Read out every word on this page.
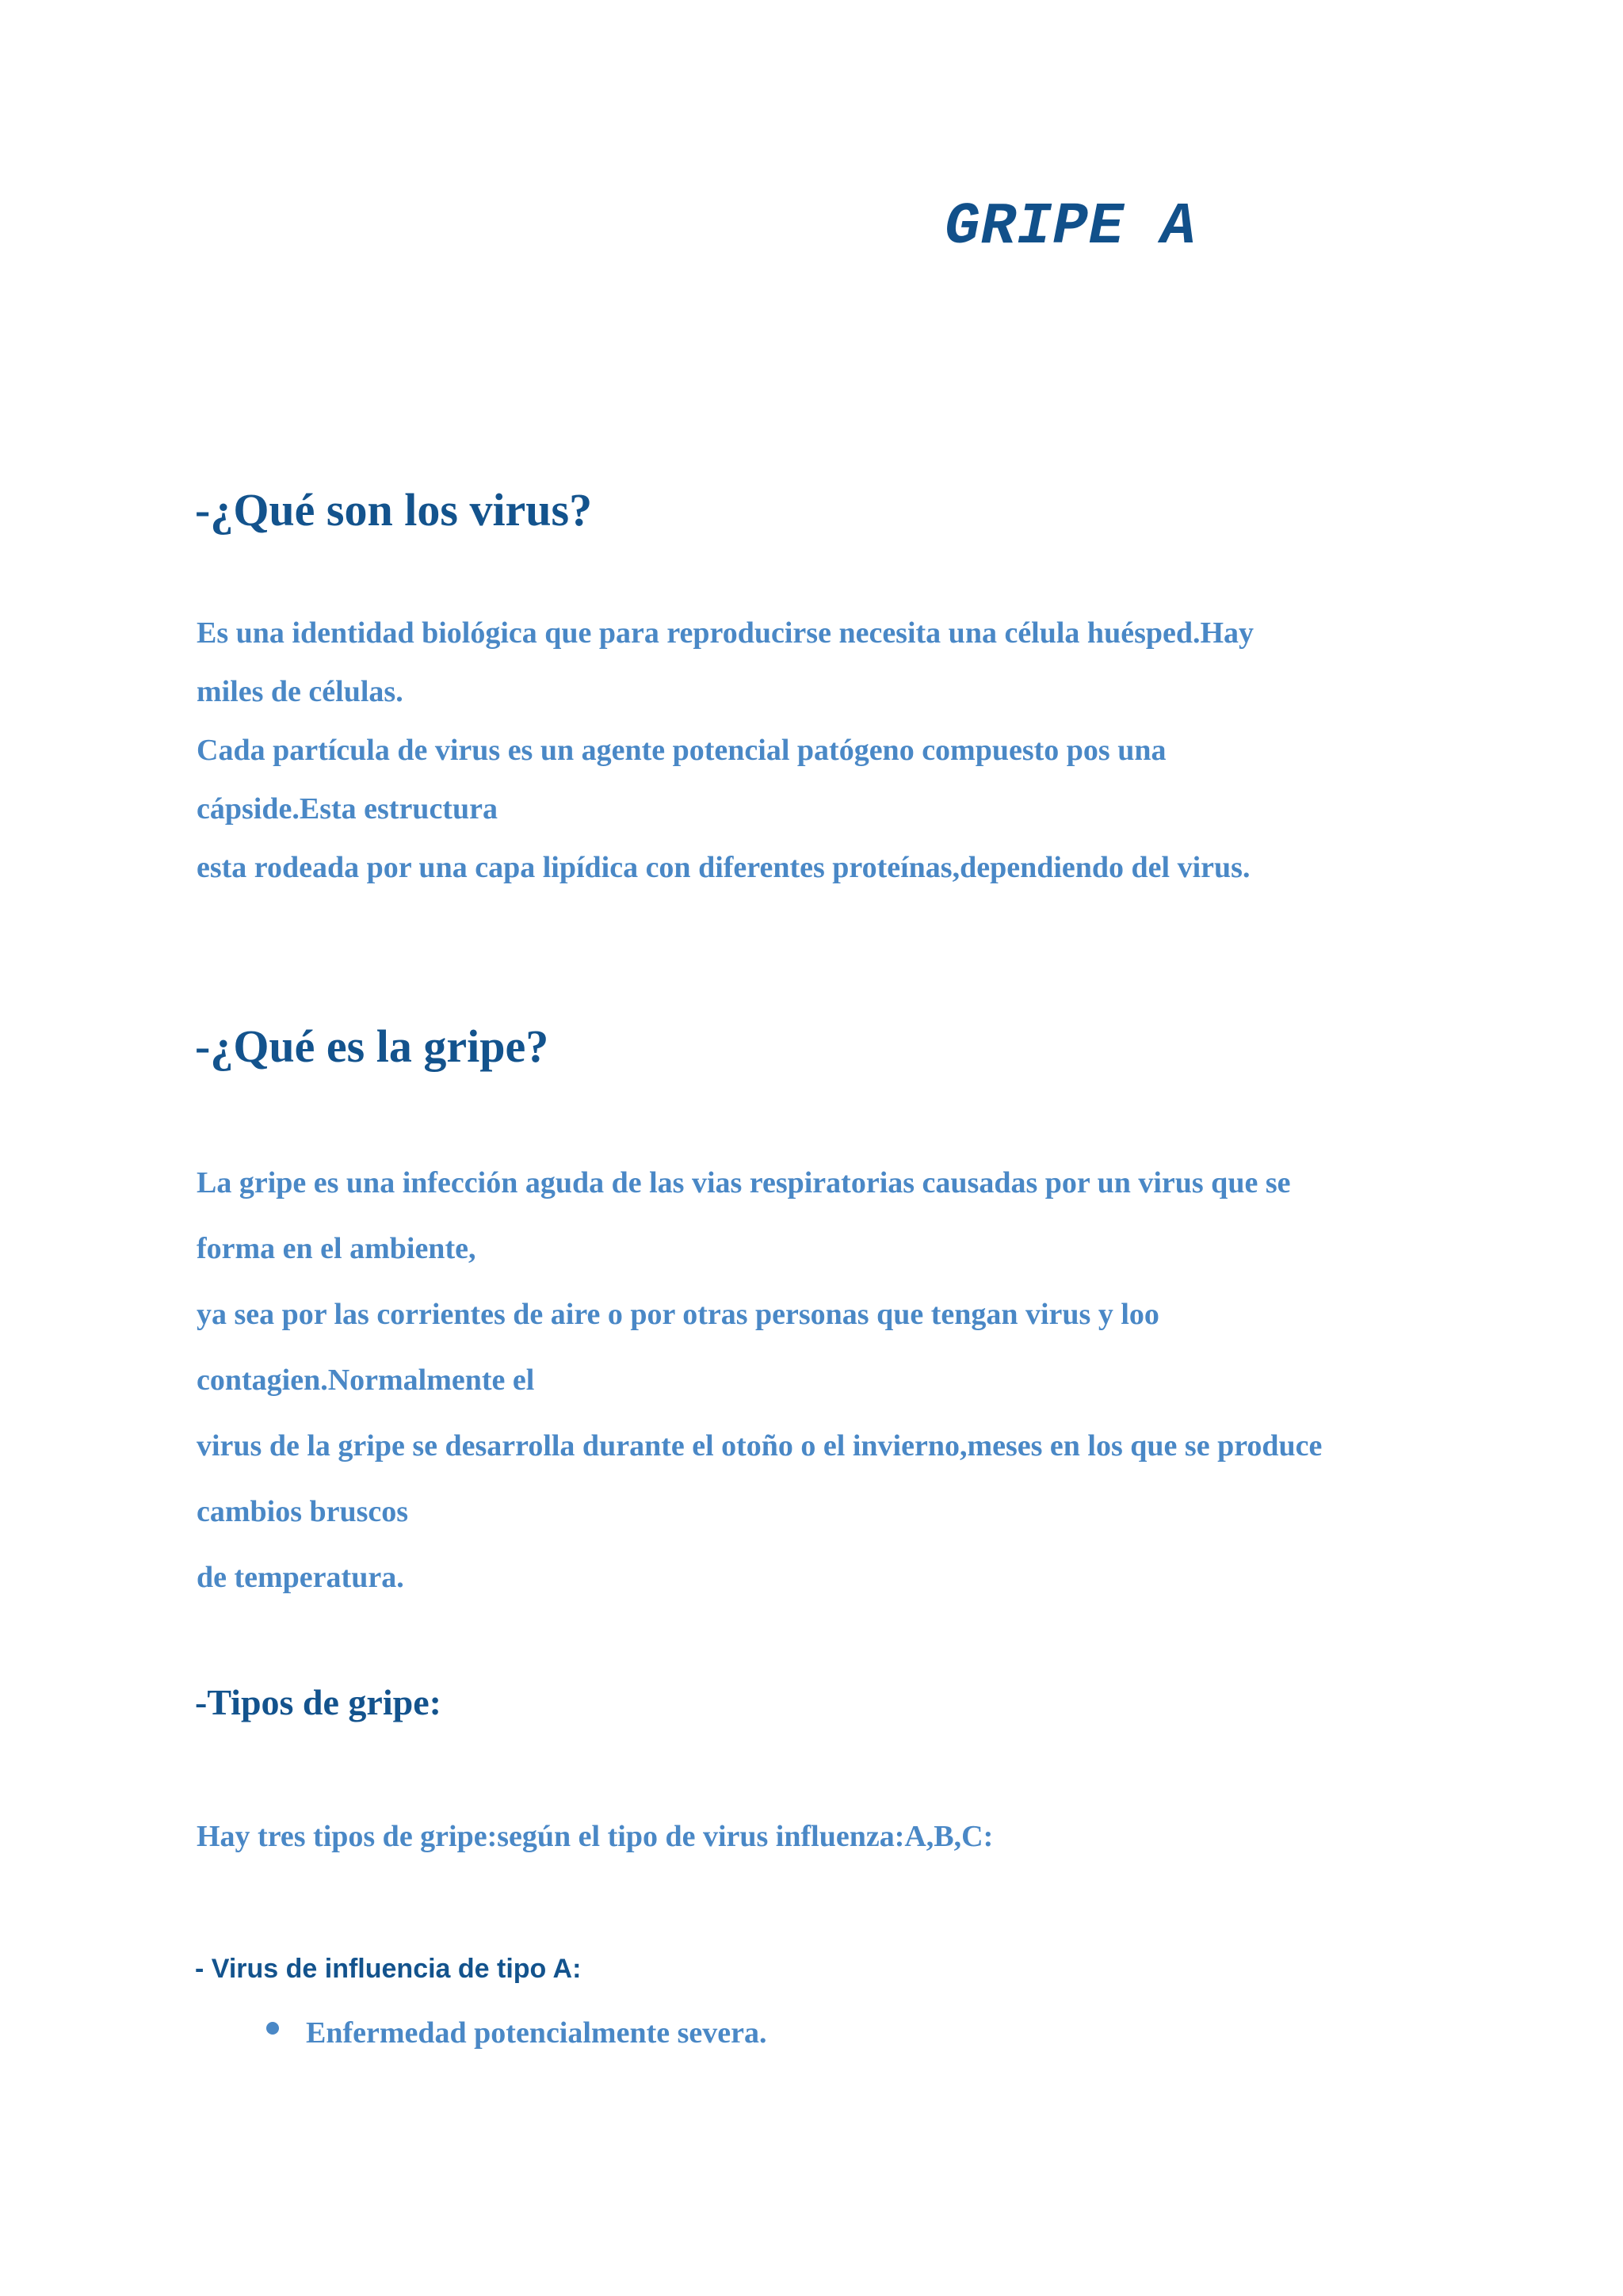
GRIPE A
-¿Qué son los virus?
Es una identidad biológica que para reproducirse necesita una célula huésped.Hay
miles de células.
Cada partícula de virus es un agente potencial patógeno compuesto pos una
cápside.Esta estructura
esta rodeada por una capa lipídica con diferentes proteínas,dependiendo del virus.
-¿Qué es la gripe?
La gripe es una infección aguda de las vias respiratorias causadas por un virus que se
forma en el ambiente,
ya sea por las corrientes de aire o por otras personas que tengan virus y loo
contagien.Normalmente el
virus de la gripe se desarrolla durante el otoño o el invierno,meses en los que se produce
cambios bruscos
de temperatura.
-Tipos de gripe:
Hay tres tipos de gripe:según el tipo de virus influenza:A,B,C:
- Virus de influencia de tipo A:
Enfermedad potencialmente severa.
